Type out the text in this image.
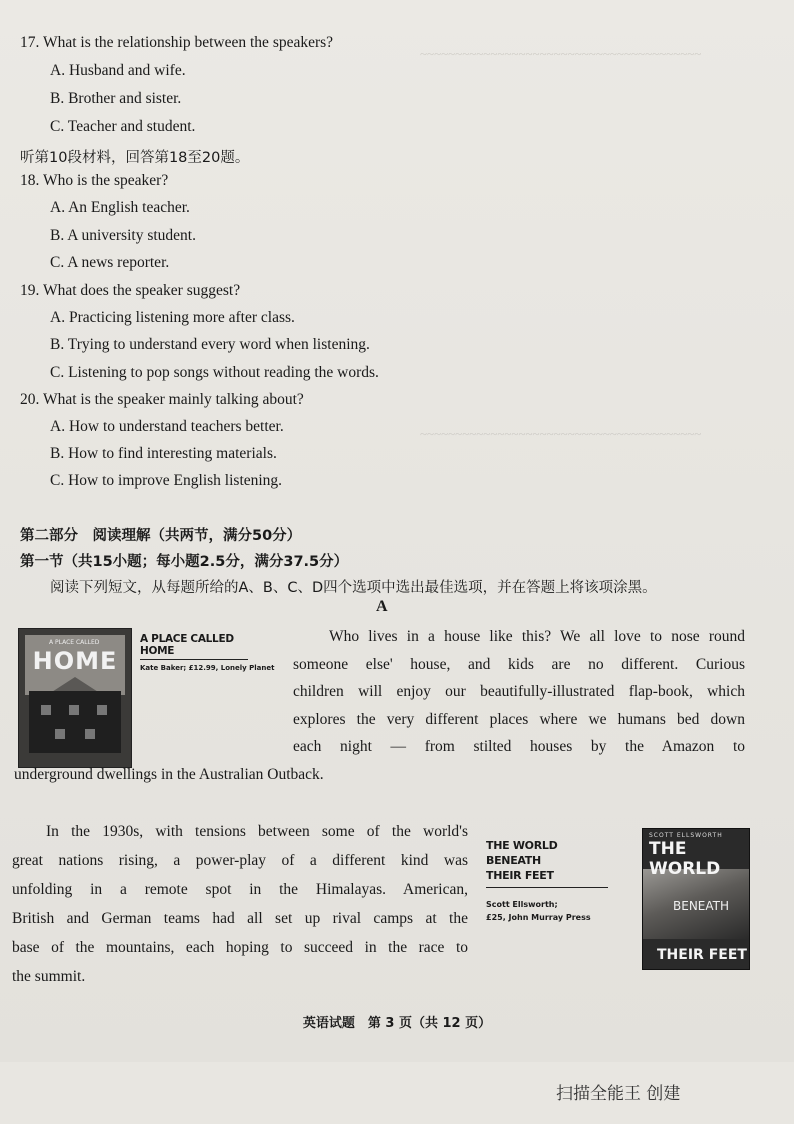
~~~~~~~~~~~~~~~~~~~~~~~~~~~~~~~~~~~~~~~~
~~~~~~~~~~~~~~~~~~~~~~~~~~~~~~~~~~~~~~~~
17. What is the relationship between the speakers?
A. Husband and wife.
B. Brother and sister.
C. Teacher and student.
听第10段材料，回答第18至20题。
18. Who is the speaker?
A. An English teacher.
B. A university student.
C. A news reporter.
19. What does the speaker suggest?
A. Practicing listening more after class.
B. Trying to understand every word when listening.
C. Listening to pop songs without reading the words.
20. What is the speaker mainly talking about?
A. How to understand teachers better.
B. How to find interesting materials.
C. How to improve English listening.
第二部分　阅读理解（共两节，满分50分）
第一节（共15小题；每小题2.5分，满分37.5分）
阅读下列短文，从每题所给的A、B、C、D四个选项中选出最佳选项，并在答题上将该项涂黑。
A
A PLACE CALLED
HOME
A PLACE CALLED HOME
Kate Baker; £12.99, Lonely Planet
Who lives in a house like this? We all love to nose round
someone else' house, and kids are no different. Curious
children will enjoy our beautifully-illustrated flap-book, which
explores the very different places where we humans bed down
each night — from stilted houses by the Amazon to
underground dwellings in the Australian Outback.
In the 1930s, with tensions between some of the world's
great nations rising, a power-play of a different kind was
unfolding in a remote spot in the Himalayas. American,
British and German teams had all set up rival camps at the
base of the mountains, each hoping to succeed in the race to
the summit.
THE WORLD BENEATH
THEIR FEET
Scott Ellsworth;
£25, John Murray Press
SCOTT ELLSWORTH
THE WORLD
BENEATH
THEIR FEET
英语试题　第 3 页（共 12 页）
扫描全能王 创建
